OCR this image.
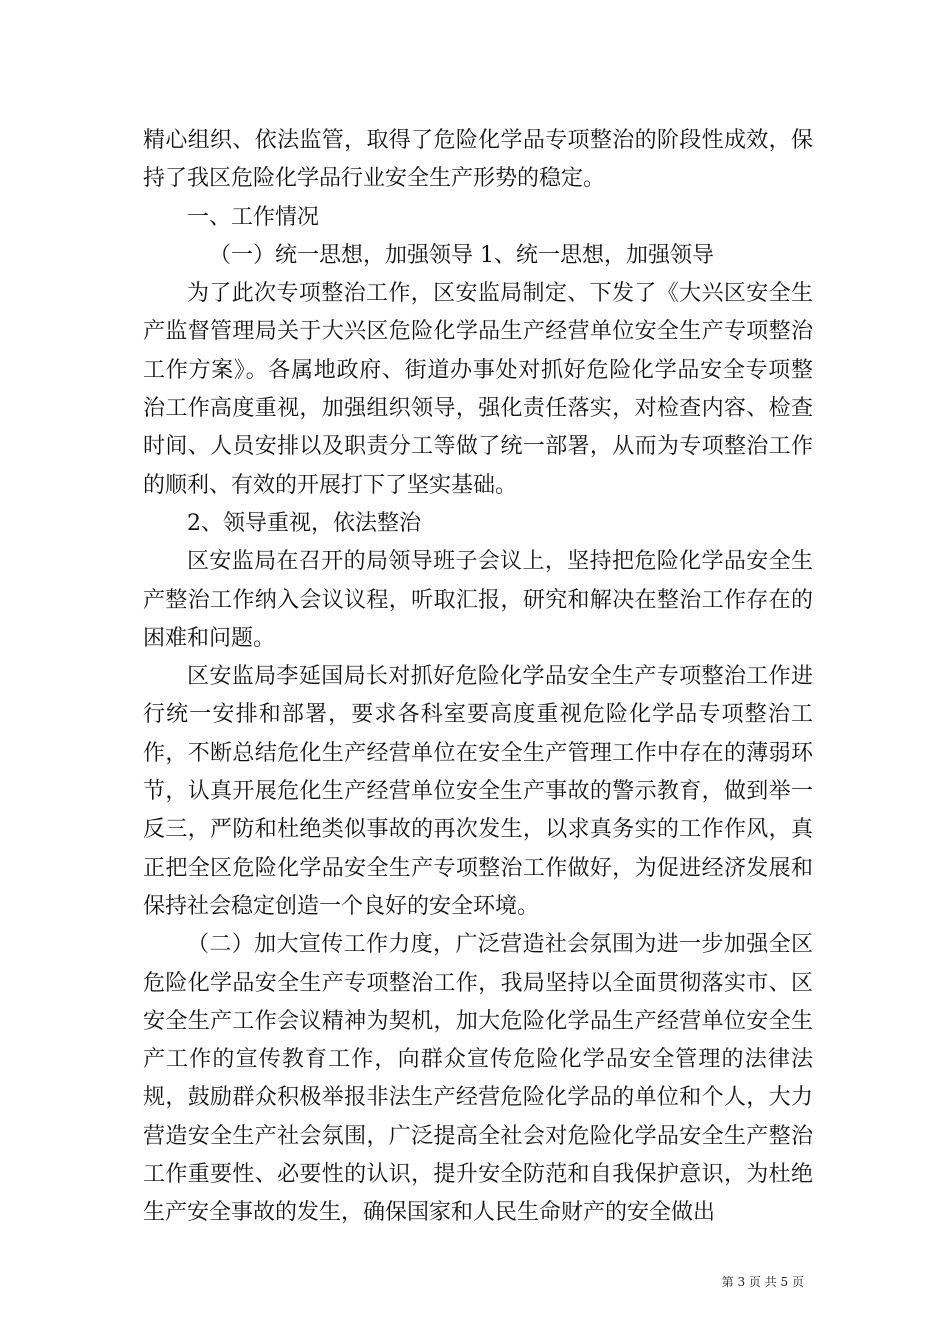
精心组织、依法监管，取得了危险化学品专项整治的阶段性成效，保持了我区危险化学品行业安全生产形势的稳定。

一、工作情况

（一）统一思想，加强领导 1、统一思想，加强领导

为了此次专项整治工作，区安监局制定、下发了《大兴区安全生产监督管理局关于大兴区危险化学品生产经营单位安全生产专项整治工作方案》。各属地政府、街道办事处对抓好危险化学品安全专项整治工作高度重视，加强组织领导，强化责任落实，对检查内容、检查时间、人员安排以及职责分工等做了统一部署，从而为专项整治工作的顺利、有效的开展打下了坚实基础。

2、领导重视，依法整治

区安监局在召开的局领导班子会议上，坚持把危险化学品安全生产整治工作纳入会议议程，听取汇报，研究和解决在整治工作存在的困难和问题。

区安监局李延国局长对抓好危险化学品安全生产专项整治工作进行统一安排和部署，要求各科室要高度重视危险化学品专项整治工作，不断总结危化生产经营单位在安全生产管理工作中存在的薄弱环节，认真开展危化生产经营单位安全生产事故的警示教育，做到举一反三，严防和杜绝类似事故的再次发生，以求真务实的工作作风，真正把全区危险化学品安全生产专项整治工作做好，为促进经济发展和保持社会稳定创造一个良好的安全环境。

（二）加大宣传工作力度，广泛营造社会氛围为进一步加强全区危险化学品安全生产专项整治工作，我局坚持以全面贯彻落实市、区安全生产工作会议精神为契机，加大危险化学品生产经营单位安全生产工作的宣传教育工作，向群众宣传危险化学品安全管理的法律法规，鼓励群众积极举报非法生产经营危险化学品的单位和个人，大力营造安全生产社会氛围，广泛提高全社会对危险化学品安全生产整治工作重要性、必要性的认识，提升安全防范和自我保护意识，为杜绝生产安全事故的发生，确保国家和人民生命财产的安全做出

第 3 页 共 5 页
